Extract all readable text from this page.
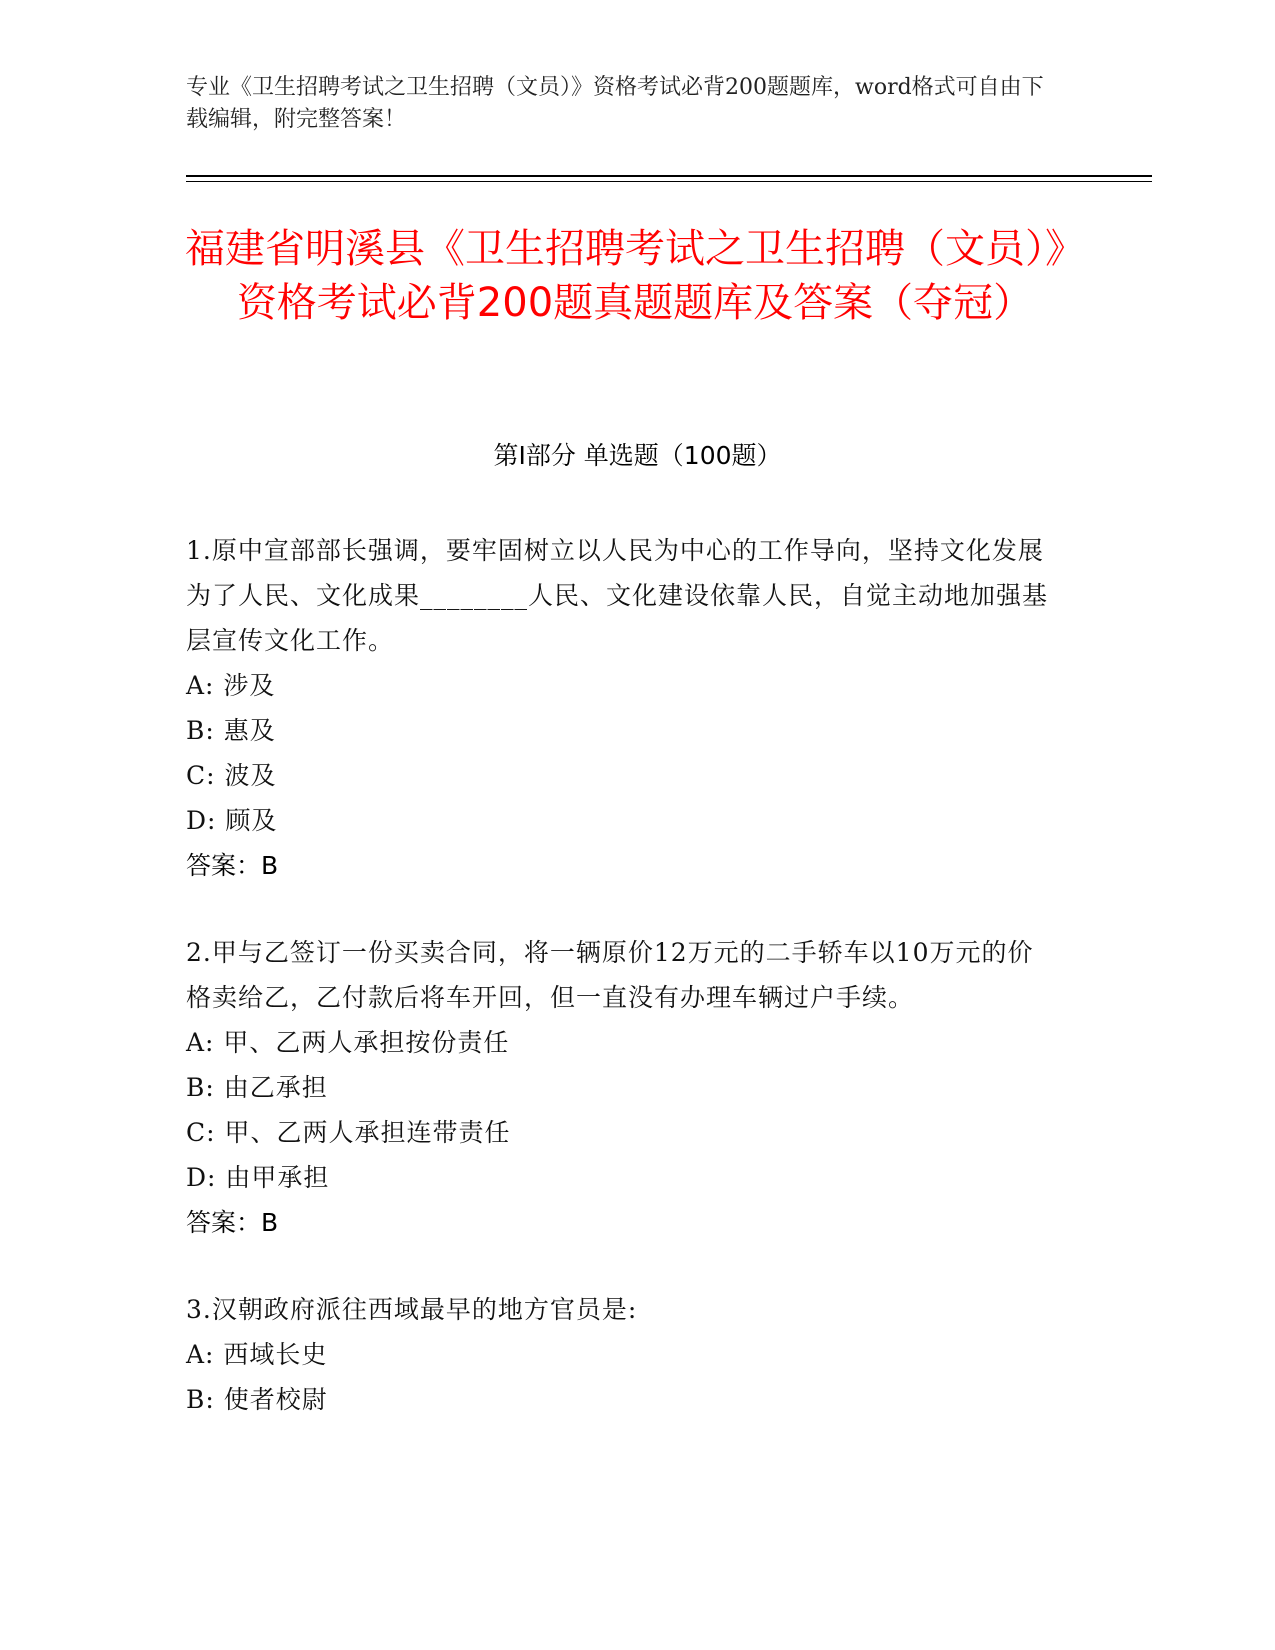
专业《卫生招聘考试之卫生招聘（文员）》资格考试必背200题题库，word格式可自由下载编辑，附完整答案！
福建省明溪县《卫生招聘考试之卫生招聘（文员）》资格考试必背200题真题题库及答案（夺冠）
第Ⅰ部分 单选题（100题）

1.原中宣部部长强调，要牢固树立以人民为中心的工作导向，坚持文化发展为了人民、文化成果________人民、文化建设依靠人民，自觉主动地加强基层宣传文化工作。

A: 涉及

B: 惠及

C: 波及

D: 顾及

答案：B

2.甲与乙签订一份买卖合同，将一辆原价12万元的二手轿车以10万元的价格卖给乙，乙付款后将车开回，但一直没有办理车辆过户手续。

A: 甲、乙两人承担按份责任

B: 由乙承担

C: 甲、乙两人承担连带责任

D: 由甲承担

答案：B

3.汉朝政府派往西域最早的地方官员是:

A: 西域长史

B: 使者校尉
